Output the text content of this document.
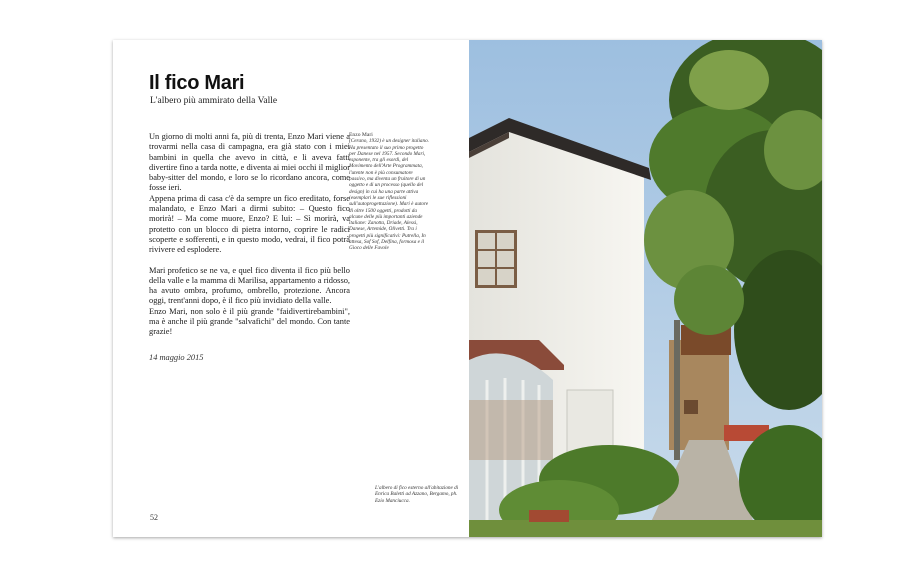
Il fico Mari
L'albero più ammirato della Valle

Un giorno di molti anni fa, più di trenta, Enzo Mari viene a trovarmi nella casa di campagna, era già stato con i miei bambini in quella che avevo in città, e li aveva fatti divertire fino a tarda notte, e diventa ai miei occhi il miglior baby-sitter del mondo, e loro se lo ricordano ancora, come fosse ieri.

Appena prima di casa c'è da sempre un fico ereditato, forse malandato, e Enzo Mari a dirmi subito: – Questo fico morirà! – Ma come muore, Enzo? E lui: – Sì morirà, va protetto con un blocco di pietra intorno, coprire le radici scoperte e sofferenti, e in questo modo, vedrai, il fico potrà rivivere ed esplodere.

Mari profetico se ne va, e quel fico diventa il fico più bello della valle e la mamma di Marilisa, appartamento a ridosso, ha avuto ombra, profumo, ombrello, protezione. Ancora oggi, trent'anni dopo, è il fico più invidiato della valle.

Enzo Mari, non solo è il più grande "faidivertirebambini", ma è anche il più grande "salvafichi" del mondo. Con tante grazie!

14 maggio 2015
Enzo Mari
(Cerano, 1932) è un designer italiano. Ha presentato il suo primo progetto per Danese nel 1957. Secondo Mari, esponente, tra gli esordi, del Movimento dell'Arte Programmata, l'utente non è più consumatore passivo, ma diventa un fruitore di un oggetto e di un processo (quello del design) in cui ha una parte attiva (esemplari le sue riflessioni sull'autoprogettazione). Mari è autore di oltre 1500 oggetti, prodotti da alcune delle più importanti aziende italiane: Zanotta, Driade, Alessi, Danese, Artemide, Olivetti. Tra i progetti più significativi: Putrella, In attesa, Sof Sof, Delfina, formosa e il Gioco delle Favole
L'albero di fico esterno all'abitazione di Enrica Baletti ad Azzano, Bergamo, ph. Ezio Manciucca.
52
